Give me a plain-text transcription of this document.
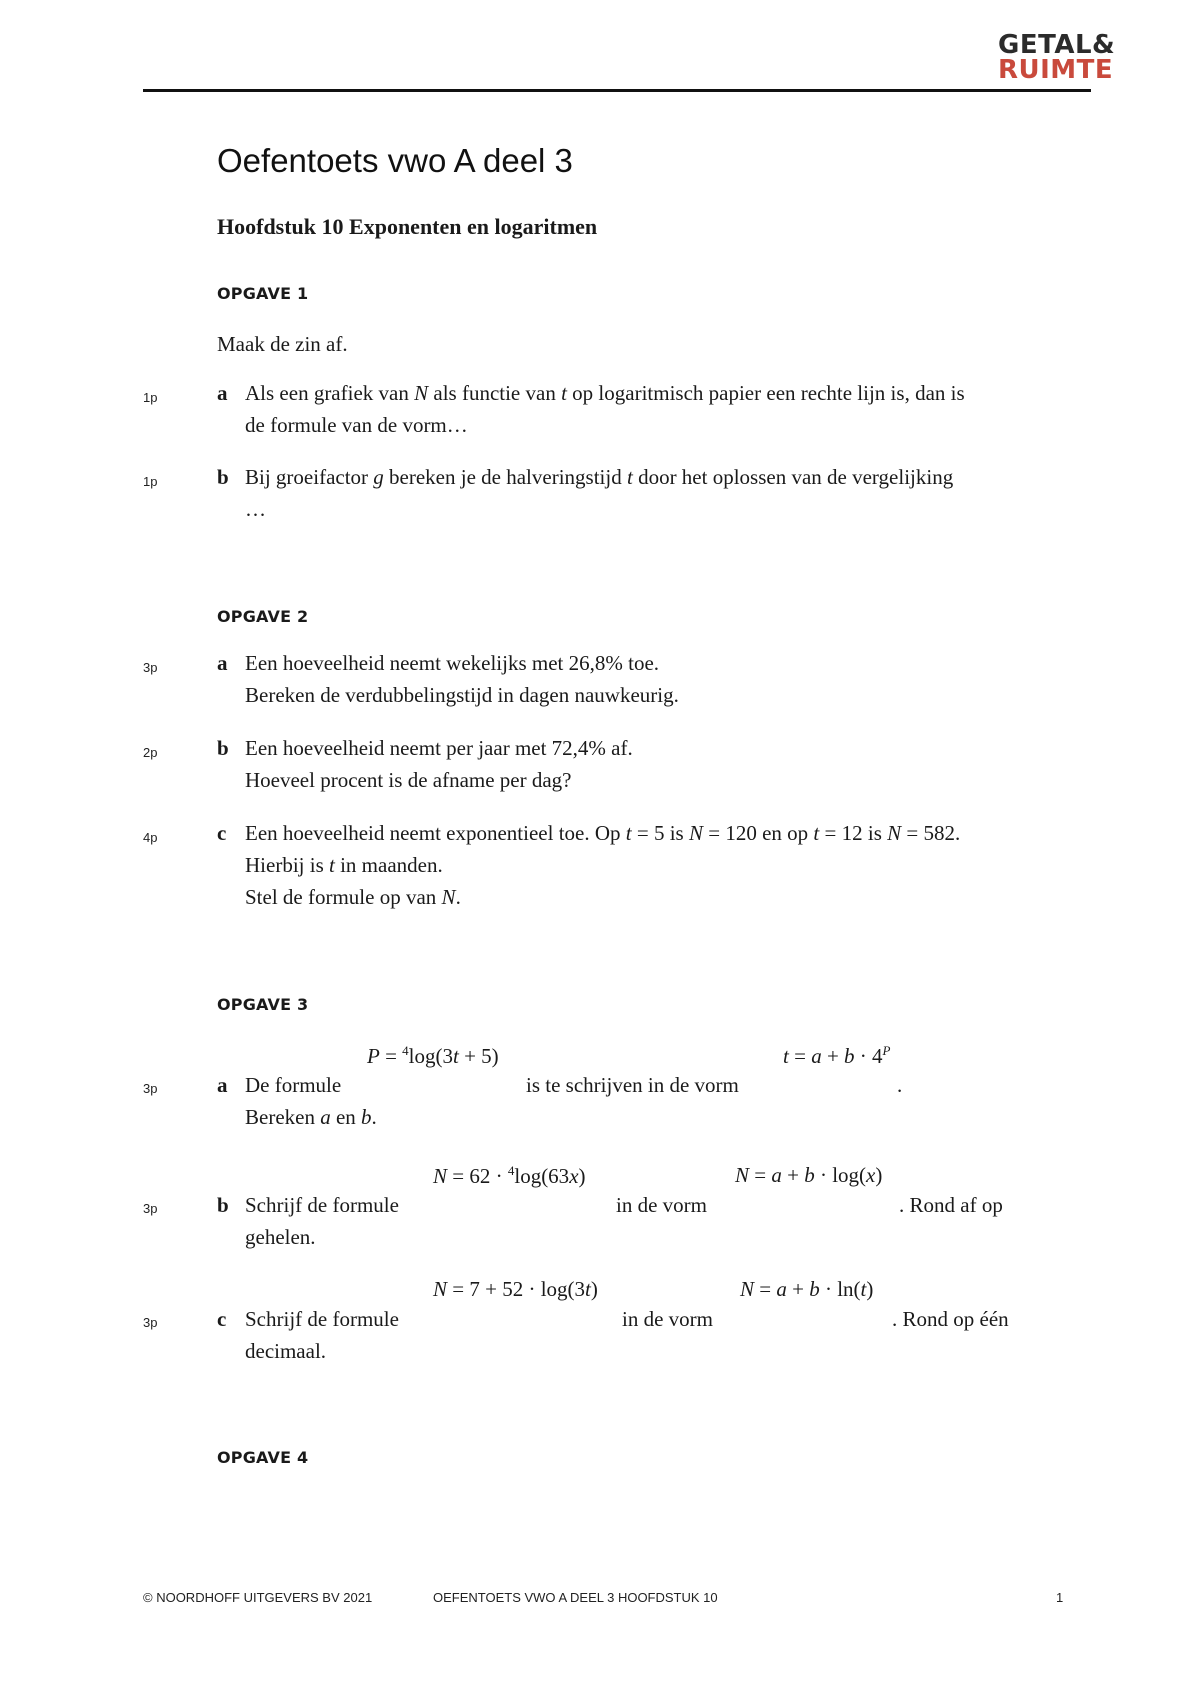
GETAL&
RUIMTE
Oefentoets vwo A deel 3
Hoofdstuk 10 Exponenten en logaritmen
OPGAVE 1
Maak de zin af.
1p	a Als een grafiek van N als functie van t op logaritmisch papier een rechte lijn is, dan is
de formule van de vorm…
1p	b Bij groeifactor g bereken je de halveringstijd t door het oplossen van de vergelijking
…
OPGAVE 2
3p	a Een hoeveelheid neemt wekelijks met 26,8% toe.
Bereken de verdubbelingstijd in dagen nauwkeurig.
2p	b Een hoeveelheid neemt per jaar met 72,4% af.
Hoeveel procent is de afname per dag?
4p	c Een hoeveelheid neemt exponentieel toe. Op t = 5 is N = 120 en op t = 12 is N = 582.
Hierbij is t in maanden.
Stel de formule op van N.
OPGAVE 3
P = $^4$log(3t + 5)	$t = a + b \cdot 4^P$
3p	a De formule	is te schrijven in de vorm	.
Bereken a en b.
N = 62 · $^4$log(63x)	N = a + b · log(x)
3p	b Schrijf de formule	in de vorm	. Rond af op
gehelen.
N = 7 + 52 · log(3t)	N = a + b · ln(t)
3p	c Schrijf de formule	in de vorm	. Rond op één
decimaal.
OPGAVE 4
© NOORDHOFF UITGEVERS BV 2021	OEFENTOETS VWO A DEEL 3 HOOFDSTUK 10	1
